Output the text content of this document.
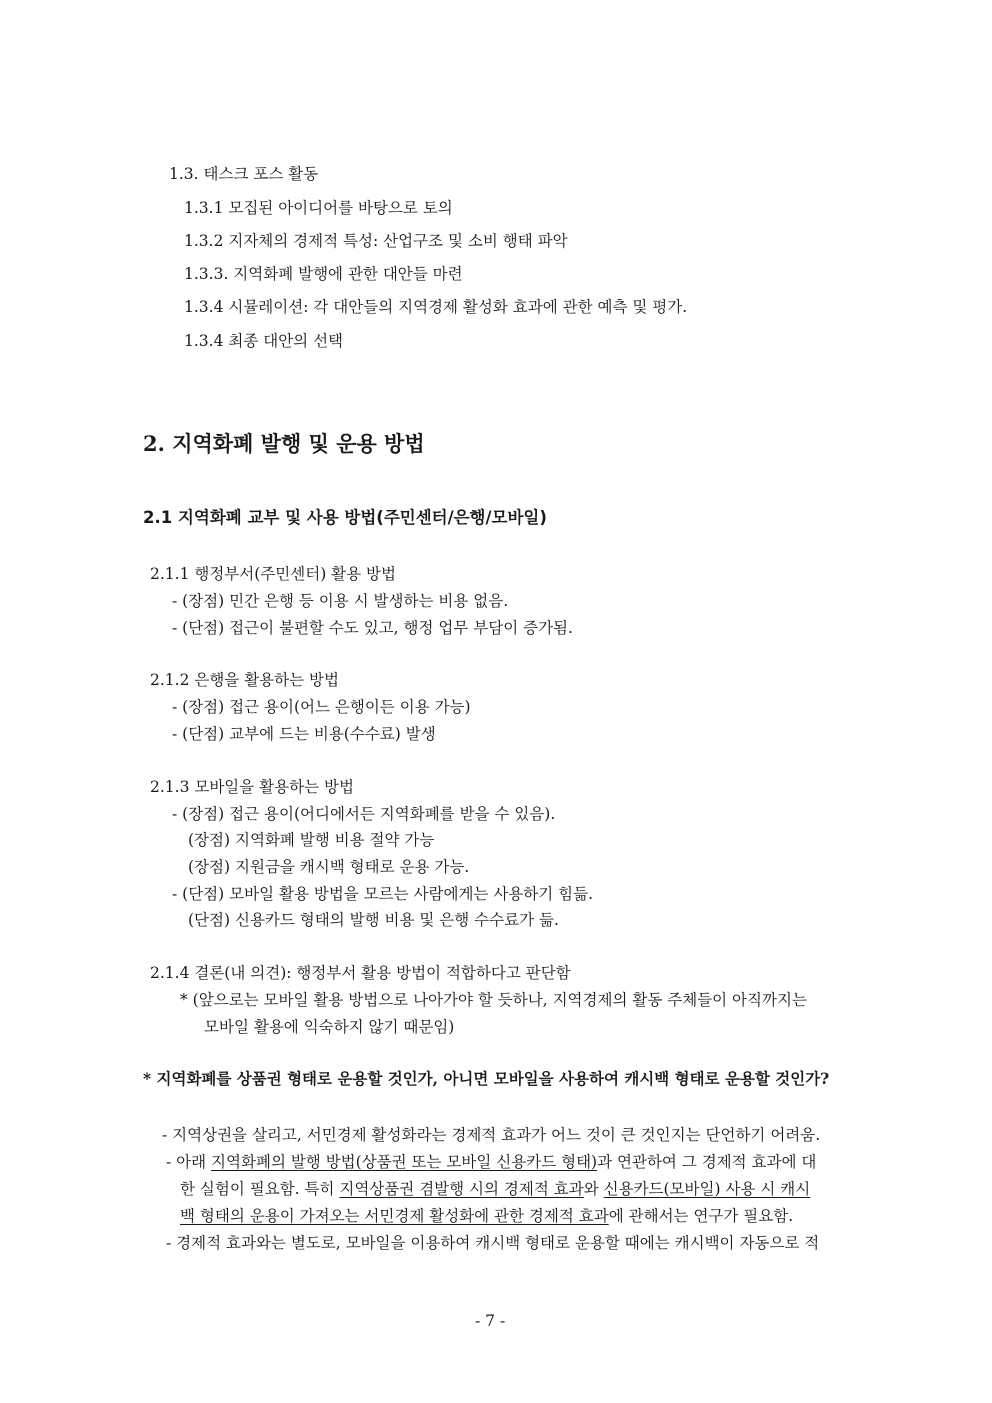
1.3. 태스크 포스 활동
1.3.1 모집된 아이디어를 바탕으로 토의
1.3.2 지자체의 경제적 특성: 산업구조 및 소비 행태 파악
1.3.3. 지역화폐 발행에 관한 대안들 마련
1.3.4 시뮬레이션: 각 대안들의 지역경제 활성화 효과에 관한 예측 및 평가.
1.3.4 최종 대안의 선택
2. 지역화폐 발행 및 운용 방법
2.1 지역화폐 교부 및 사용 방법(주민센터/은행/모바일)
2.1.1 행정부서(주민센터) 활용 방법
- (장점) 민간 은행 등 이용 시 발생하는 비용 없음.
- (단점) 접근이 불편할 수도 있고, 행정 업무 부담이 증가됨.
2.1.2 은행을 활용하는 방법
- (장점) 접근 용이(어느 은행이든 이용 가능)
- (단점) 교부에 드는 비용(수수료) 발생
2.1.3 모바일을 활용하는 방법
- (장점) 접근 용이(어디에서든 지역화폐를 받을 수 있음).
(장점) 지역화폐 발행 비용 절약 가능
(장점) 지원금을 캐시백 형태로 운용 가능.
- (단점) 모바일 활용 방법을 모르는 사람에게는 사용하기 힘듦.
(단점) 신용카드 형태의 발행 비용 및 은행 수수료가 듦.
2.1.4 결론(내 의견): 행정부서 활용 방법이 적합하다고 판단함
* (앞으로는 모바일 활용 방법으로 나아가야 할 듯하나, 지역경제의 활동 주체들이 아직까지는
모바일 활용에 익숙하지 않기 때문임)
* 지역화폐를 상품권 형태로 운용할 것인가, 아니면 모바일을 사용하여 캐시백 형태로 운용할 것인가?
- 지역상권을 살리고, 서민경제 활성화라는 경제적 효과가 어느 것이 큰 것인지는 단언하기 어려움.
- 아래 지역화폐의 발행 방법(상품권 또는 모바일 신용카드 형태)과 연관하여 그 경제적 효과에 대
한 실험이 필요함. 특히 지역상품권 겸발행 시의 경제적 효과와 신용카드(모바일) 사용 시 캐시
백 형태의 운용이 가져오는 서민경제 활성화에 관한 경제적 효과에 관해서는 연구가 필요함.
- 경제적 효과와는 별도로, 모바일을 이용하여 캐시백 형태로 운용할 때에는 캐시백이 자동으로 적
- 7 -
